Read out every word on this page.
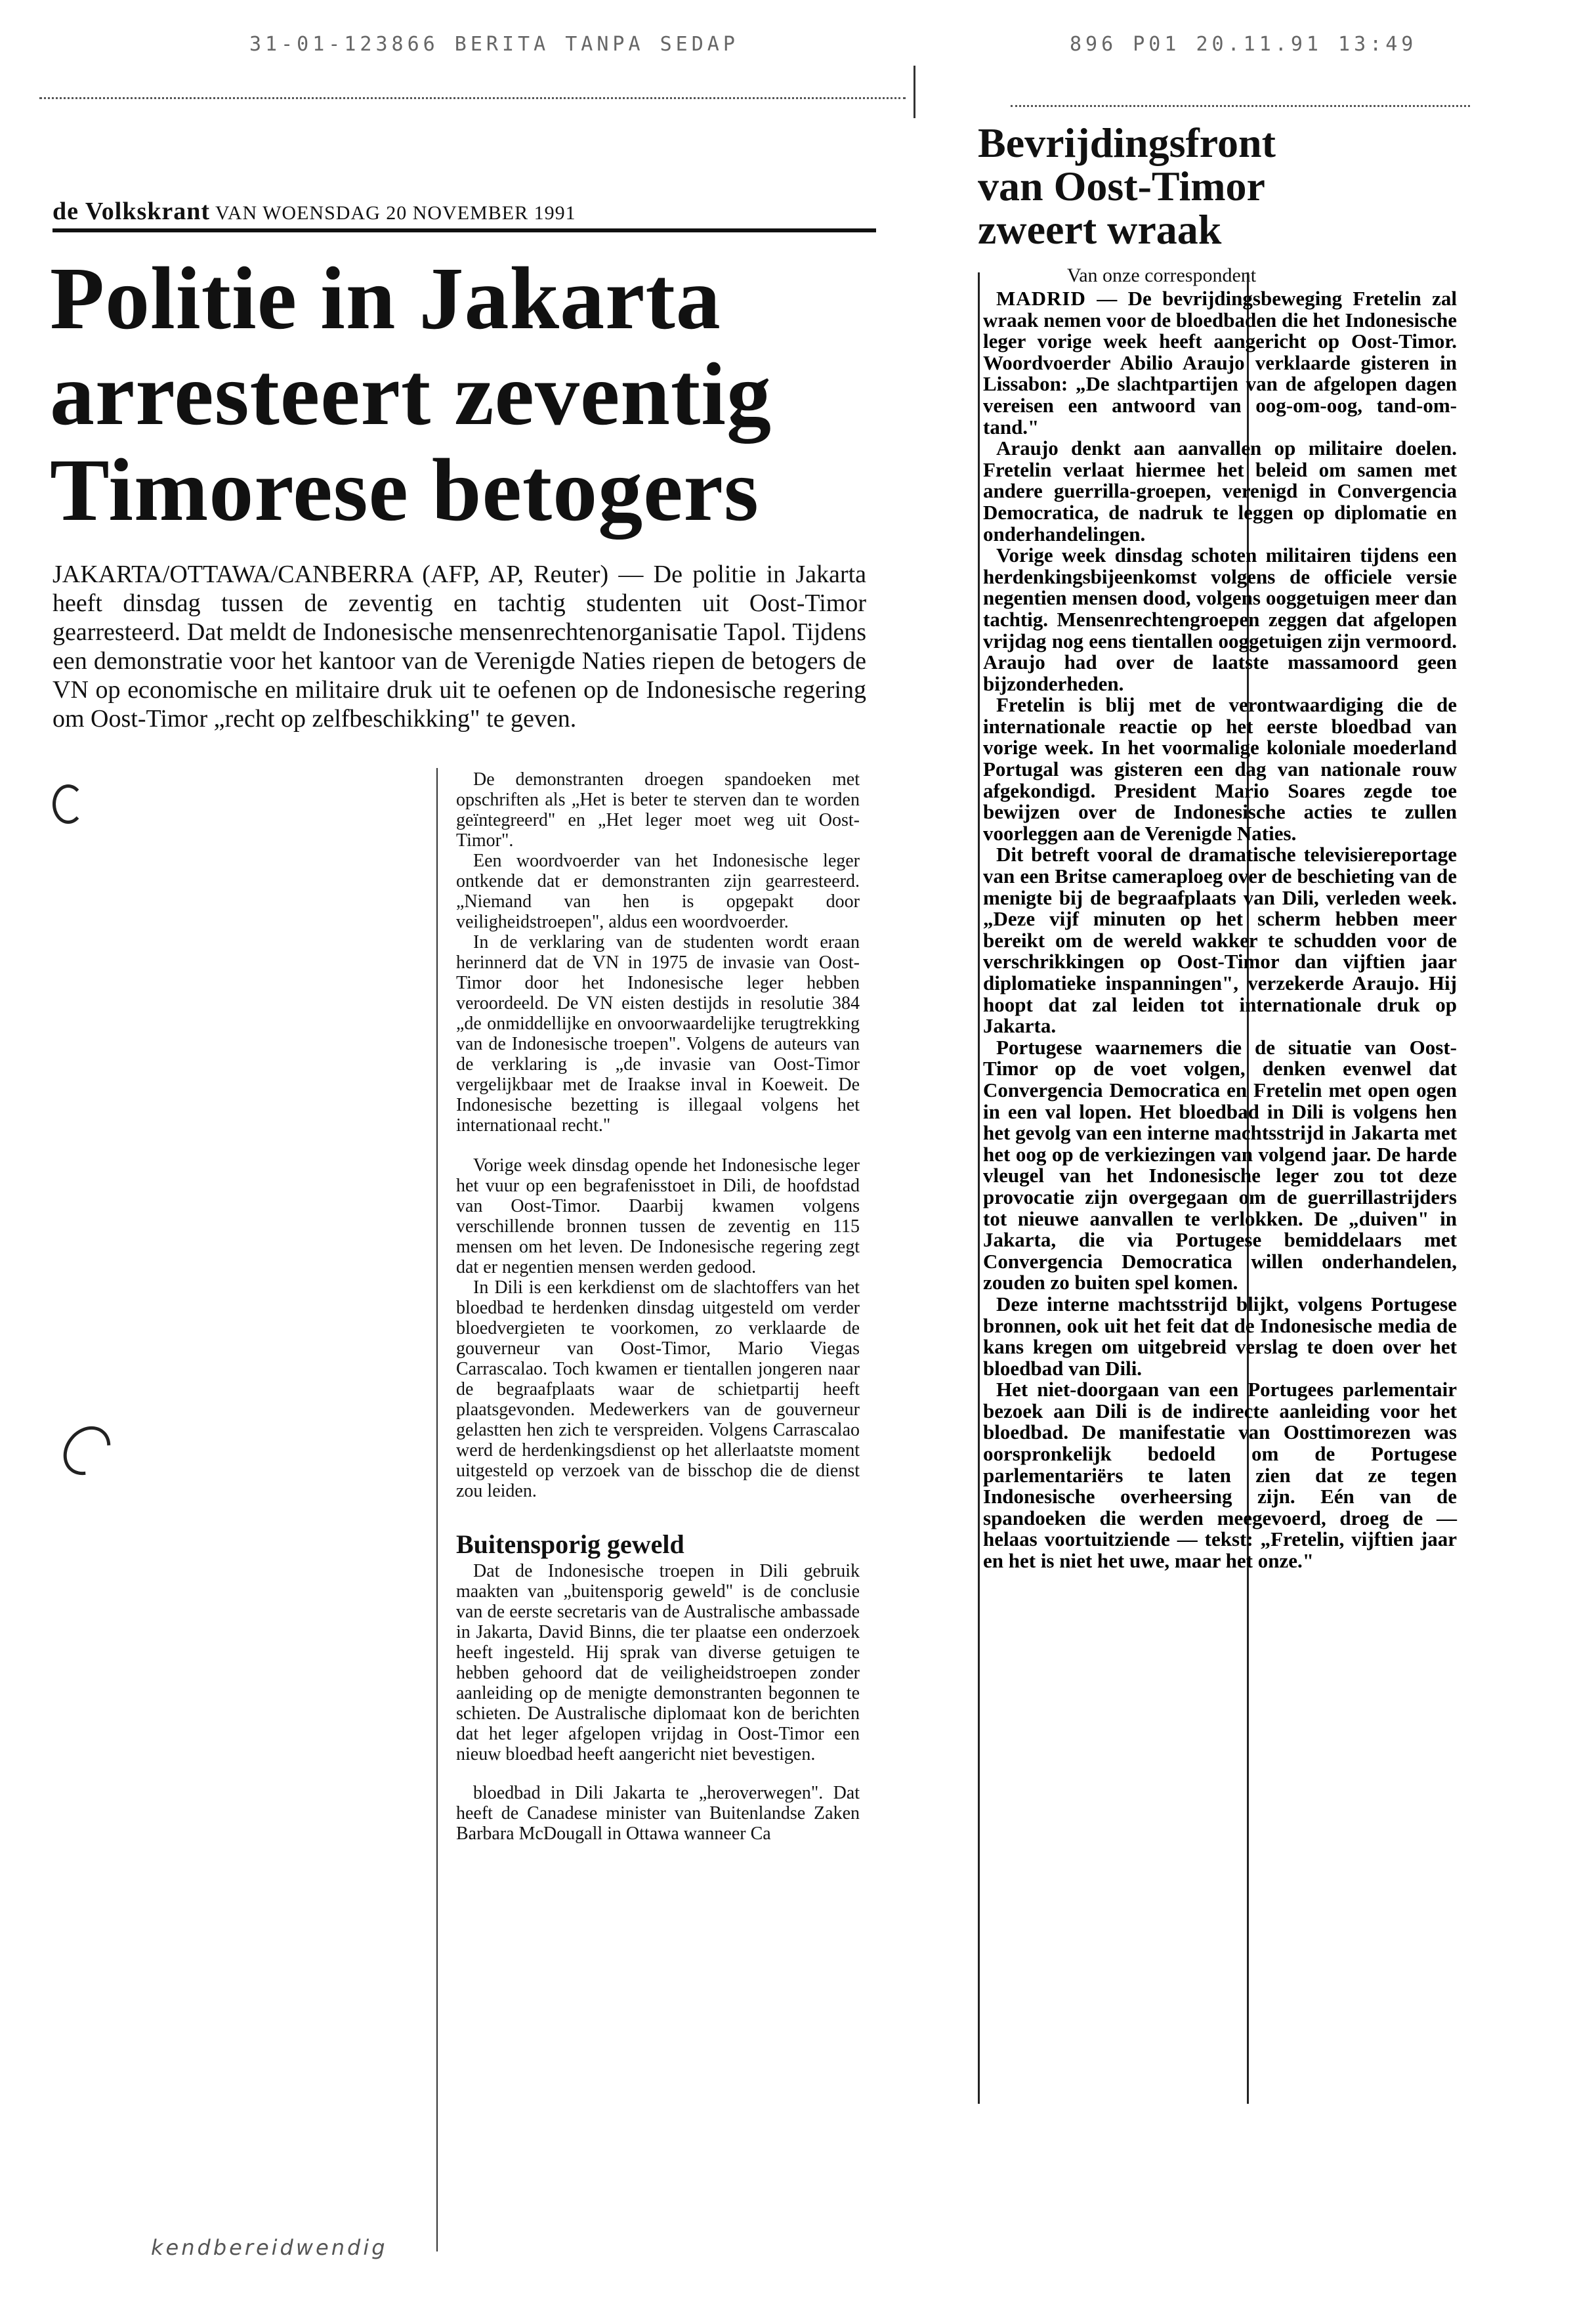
31-01-123866 BERITA TANPA SEDAP	896 P01 20.11.91 13:49
de Volkskrant VAN WOENSDAG 20 NOVEMBER 1991
Politie in Jakarta
arresteert zeventig
Timorese betogers

JAKARTA/OTTAWA/CANBERRA (AFP, AP, Reuter) — De politie in Jakarta heeft dinsdag tussen de zeventig en tachtig studenten uit Oost-Timor gearresteerd. Dat meldt de Indonesische mensenrechtenorganisatie Tapol. Tijdens een demonstratie voor het kantoor van de Verenigde Naties riepen de betogers de VN op economische en militaire druk uit te oefenen op de Indonesische regering om Oost-Timor „recht op zelfbeschikking" te geven.

De demonstranten droegen spandoeken met opschriften als „Het is beter te sterven dan te worden geïntegreerd" en „Het leger moet weg uit Oost-Timor".

Een woordvoerder van het Indonesische leger ontkende dat er demonstranten zijn gearresteerd. „Niemand van hen is opgepakt door veiligheidstroepen", aldus een woordvoerder.

In de verklaring van de studenten wordt eraan herinnerd dat de VN in 1975 de invasie van Oost-Timor door het Indonesische leger hebben veroordeeld. De VN eisten destijds in resolutie 384 „de onmiddellijke en onvoorwaardelijke terugtrekking van de Indonesische troepen". Volgens de auteurs van de verklaring is „de invasie van Oost-Timor vergelijkbaar met de Iraakse inval in Koeweit. De Indonesische bezetting is illegaal volgens het internationaal recht."

Vorige week dinsdag opende het Indonesische leger het vuur op een begrafenisstoet in Dili, de hoofdstad van Oost-Timor. Daarbij kwamen volgens verschillende bronnen tussen de zeventig en 115 mensen om het leven. De Indonesische regering zegt dat er negentien mensen werden gedood.

In Dili is een kerkdienst om de slachtoffers van het bloedbad te herdenken dinsdag uitgesteld om verder bloedvergieten te voorkomen, zo verklaarde de gouverneur van Oost-Timor, Mario Viegas Carrascalao. Toch kwamen er tientallen jongeren naar de begraafplaats waar de schietpartij heeft plaatsgevonden. Medewerkers van de gouverneur gelastten hen zich te verspreiden. Volgens Carrascalao werd de herdenkingsdienst op het allerlaatste moment uitgesteld op verzoek van de bisschop die de dienst zou leiden.

Buitensporig geweld

Dat de Indonesische troepen in Dili gebruik maakten van „buitensporig geweld" is de conclusie van de eerste secretaris van de Australische ambassade in Jakarta, David Binns, die ter plaatse een onderzoek heeft ingesteld. Hij sprak van diverse getuigen te hebben gehoord dat de veiligheidstroepen zonder aanleiding op de menigte demonstranten begonnen te schieten. De Australische diplomaat kon de berichten dat het leger afgelopen vrijdag in Oost-Timor een nieuw bloedbad heeft aangericht niet bevestigen.

bloedbad in Dili Jakarta te „heroverwegen". Dat heeft de Canadese minister van Buitenlandse Zaken Barbara McDougall in Ottawa wanneer Ca

Bevrijdingsfront
van Oost-Timor
zweert wraak
Van onze correspondent

MADRID — De bevrijdingsbeweging Fretelin zal wraak nemen voor de bloedbaden die het Indonesische leger vorige week heeft aangericht op Oost-Timor. Woordvoerder Abilio Araujo verklaarde gisteren in Lissabon: „De slachtpartijen van de afgelopen dagen vereisen een antwoord van oog-om-oog, tand-om-tand."

Araujo denkt aan aanvallen op militaire doelen. Fretelin verlaat hiermee het beleid om samen met andere guerrilla-groepen, verenigd in Convergencia Democratica, de nadruk te leggen op diplomatie en onderhandelingen.

Vorige week dinsdag schoten militairen tijdens een herdenkingsbijeenkomst volgens de officiele versie negentien mensen dood, volgens ooggetuigen meer dan tachtig. Mensenrechtengroepen zeggen dat afgelopen vrijdag nog eens tientallen ooggetuigen zijn vermoord. Araujo had over de laatste massamoord geen bijzonderheden.

Fretelin is blij met de verontwaardiging die de internationale reactie op het eerste bloedbad van vorige week. In het voormalige koloniale moederland Portugal was gisteren een dag van nationale rouw afgekondigd. President Mario Soares zegde toe bewijzen over de Indonesische acties te zullen voorleggen aan de Verenigde Naties.

Dit betreft vooral de dramatische televisiereportage van een Britse cameraploeg over de beschieting van de menigte bij de begraafplaats van Dili, verleden week. „Deze vijf minuten op het scherm hebben meer bereikt om de wereld wakker te schudden voor de verschrikkingen op Oost-Timor dan vijftien jaar diplomatieke inspanningen", verzekerde Araujo. Hij hoopt dat zal leiden tot internationale druk op Jakarta.

Portugese waarnemers die de situatie van Oost-Timor op de voet volgen, denken evenwel dat Convergencia Democratica en Fretelin met open ogen in een val lopen. Het bloedbad in Dili is volgens hen het gevolg van een interne machtsstrijd in Jakarta met het oog op de verkiezingen van volgend jaar. De harde vleugel van het Indonesische leger zou tot deze provocatie zijn overgegaan om de guerrillastrijders tot nieuwe aanvallen te verlokken. De „duiven" in Jakarta, die via Portugese bemiddelaars met Convergencia Democratica willen onderhandelen, zouden zo buiten spel komen.

Deze interne machtsstrijd blijkt, volgens Portugese bronnen, ook uit het feit dat de Indonesische media de kans kregen om uitgebreid verslag te doen over het bloedbad van Dili.

Het niet-doorgaan van een Portugees parlementair bezoek aan Dili is de indirecte aanleiding voor het bloedbad. De manifestatie van Oosttimorezen was oorspronkelijk bedoeld om de Portugese parlementariërs te laten zien dat ze tegen Indonesische overheersing zijn. Eén van de spandoeken die werden meegevoerd, droeg de — helaas voortuitziende — tekst: „Fretelin, vijftien jaar en het is niet het uwe, maar het onze."

kendbereidwendig
